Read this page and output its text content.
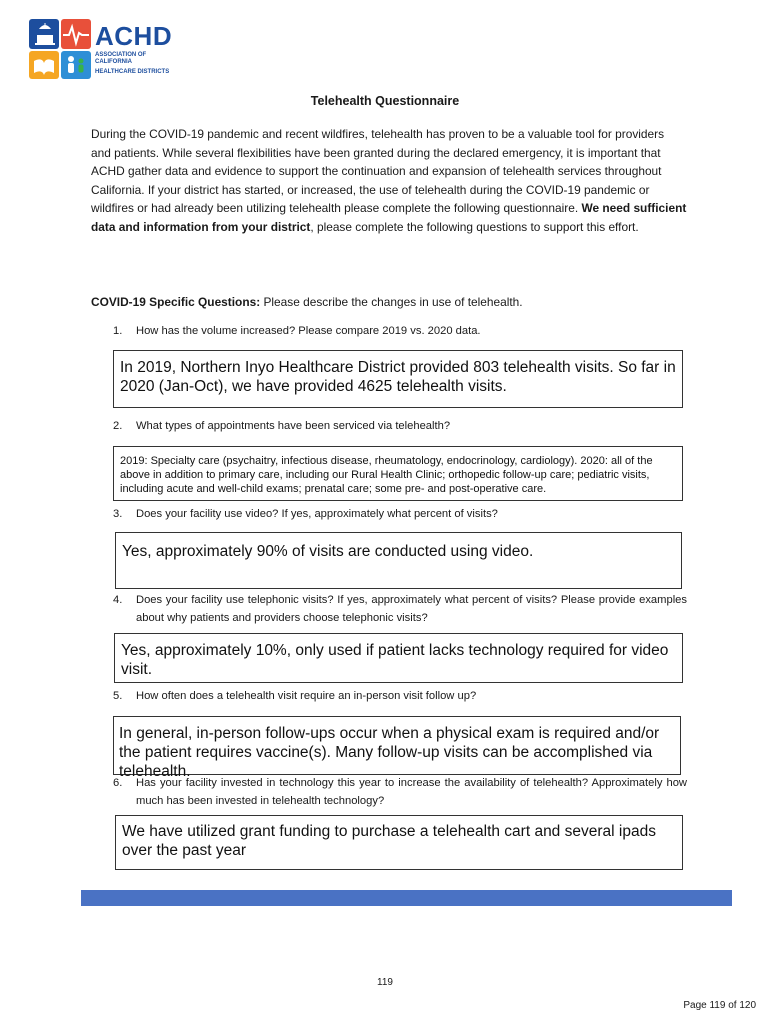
ACHD
ASSOCIATION OF CALIFORNIA
HEALTHCARE DISTRICTS
Telehealth Questionnaire
During the COVID-19 pandemic and recent wildfires, telehealth has proven to be a valuable tool for providers and patients. While several flexibilities have been granted during the declared emergency, it is important that ACHD gather data and evidence to support the continuation and expansion of telehealth services throughout California. If your district has started, or increased, the use of telehealth during the COVID-19 pandemic or wildfires or had already been utilizing telehealth please complete the following questionnaire. We need sufficient data and information from your district, please complete the following questions to support this effort.
COVID-19 Specific Questions: Please describe the changes in use of telehealth.
1. How has the volume increased? Please compare 2019 vs. 2020 data.
In 2019, Northern Inyo Healthcare District provided 803 telehealth visits. So far in 2020 (Jan-Oct), we have provided 4625 telehealth visits.
2. What types of appointments have been serviced via telehealth?
2019: Specialty care (psychaitry, infectious disease, rheumatology, endocrinology, cardiology). 2020: all of the above in addition to primary care, including our Rural Health Clinic; orthopedic follow-up care; pediatric visits, including acute and well-child exams; prenatal care; some pre- and post-operative care.
3. Does your facility use video? If yes, approximately what percent of visits?
Yes, approximately 90% of visits are conducted using video.
4. Does your facility use telephonic visits? If yes, approximately what percent of visits? Please provide examples about why patients and providers choose telephonic visits?
Yes, approximately 10%, only used if patient lacks technology required for video visit.
5. How often does a telehealth visit require an in-person visit follow up?
In general, in-person follow-ups occur when a physical exam is required and/or the patient requires vaccine(s). Many follow-up visits can be accomplished via telehealth.
6. Has your facility invested in technology this year to increase the availability of telehealth? Approximately how much has been invested in telehealth technology?
We have utilized grant funding to purchase a telehealth cart and several ipads over the past year
119
Page 119 of 120
